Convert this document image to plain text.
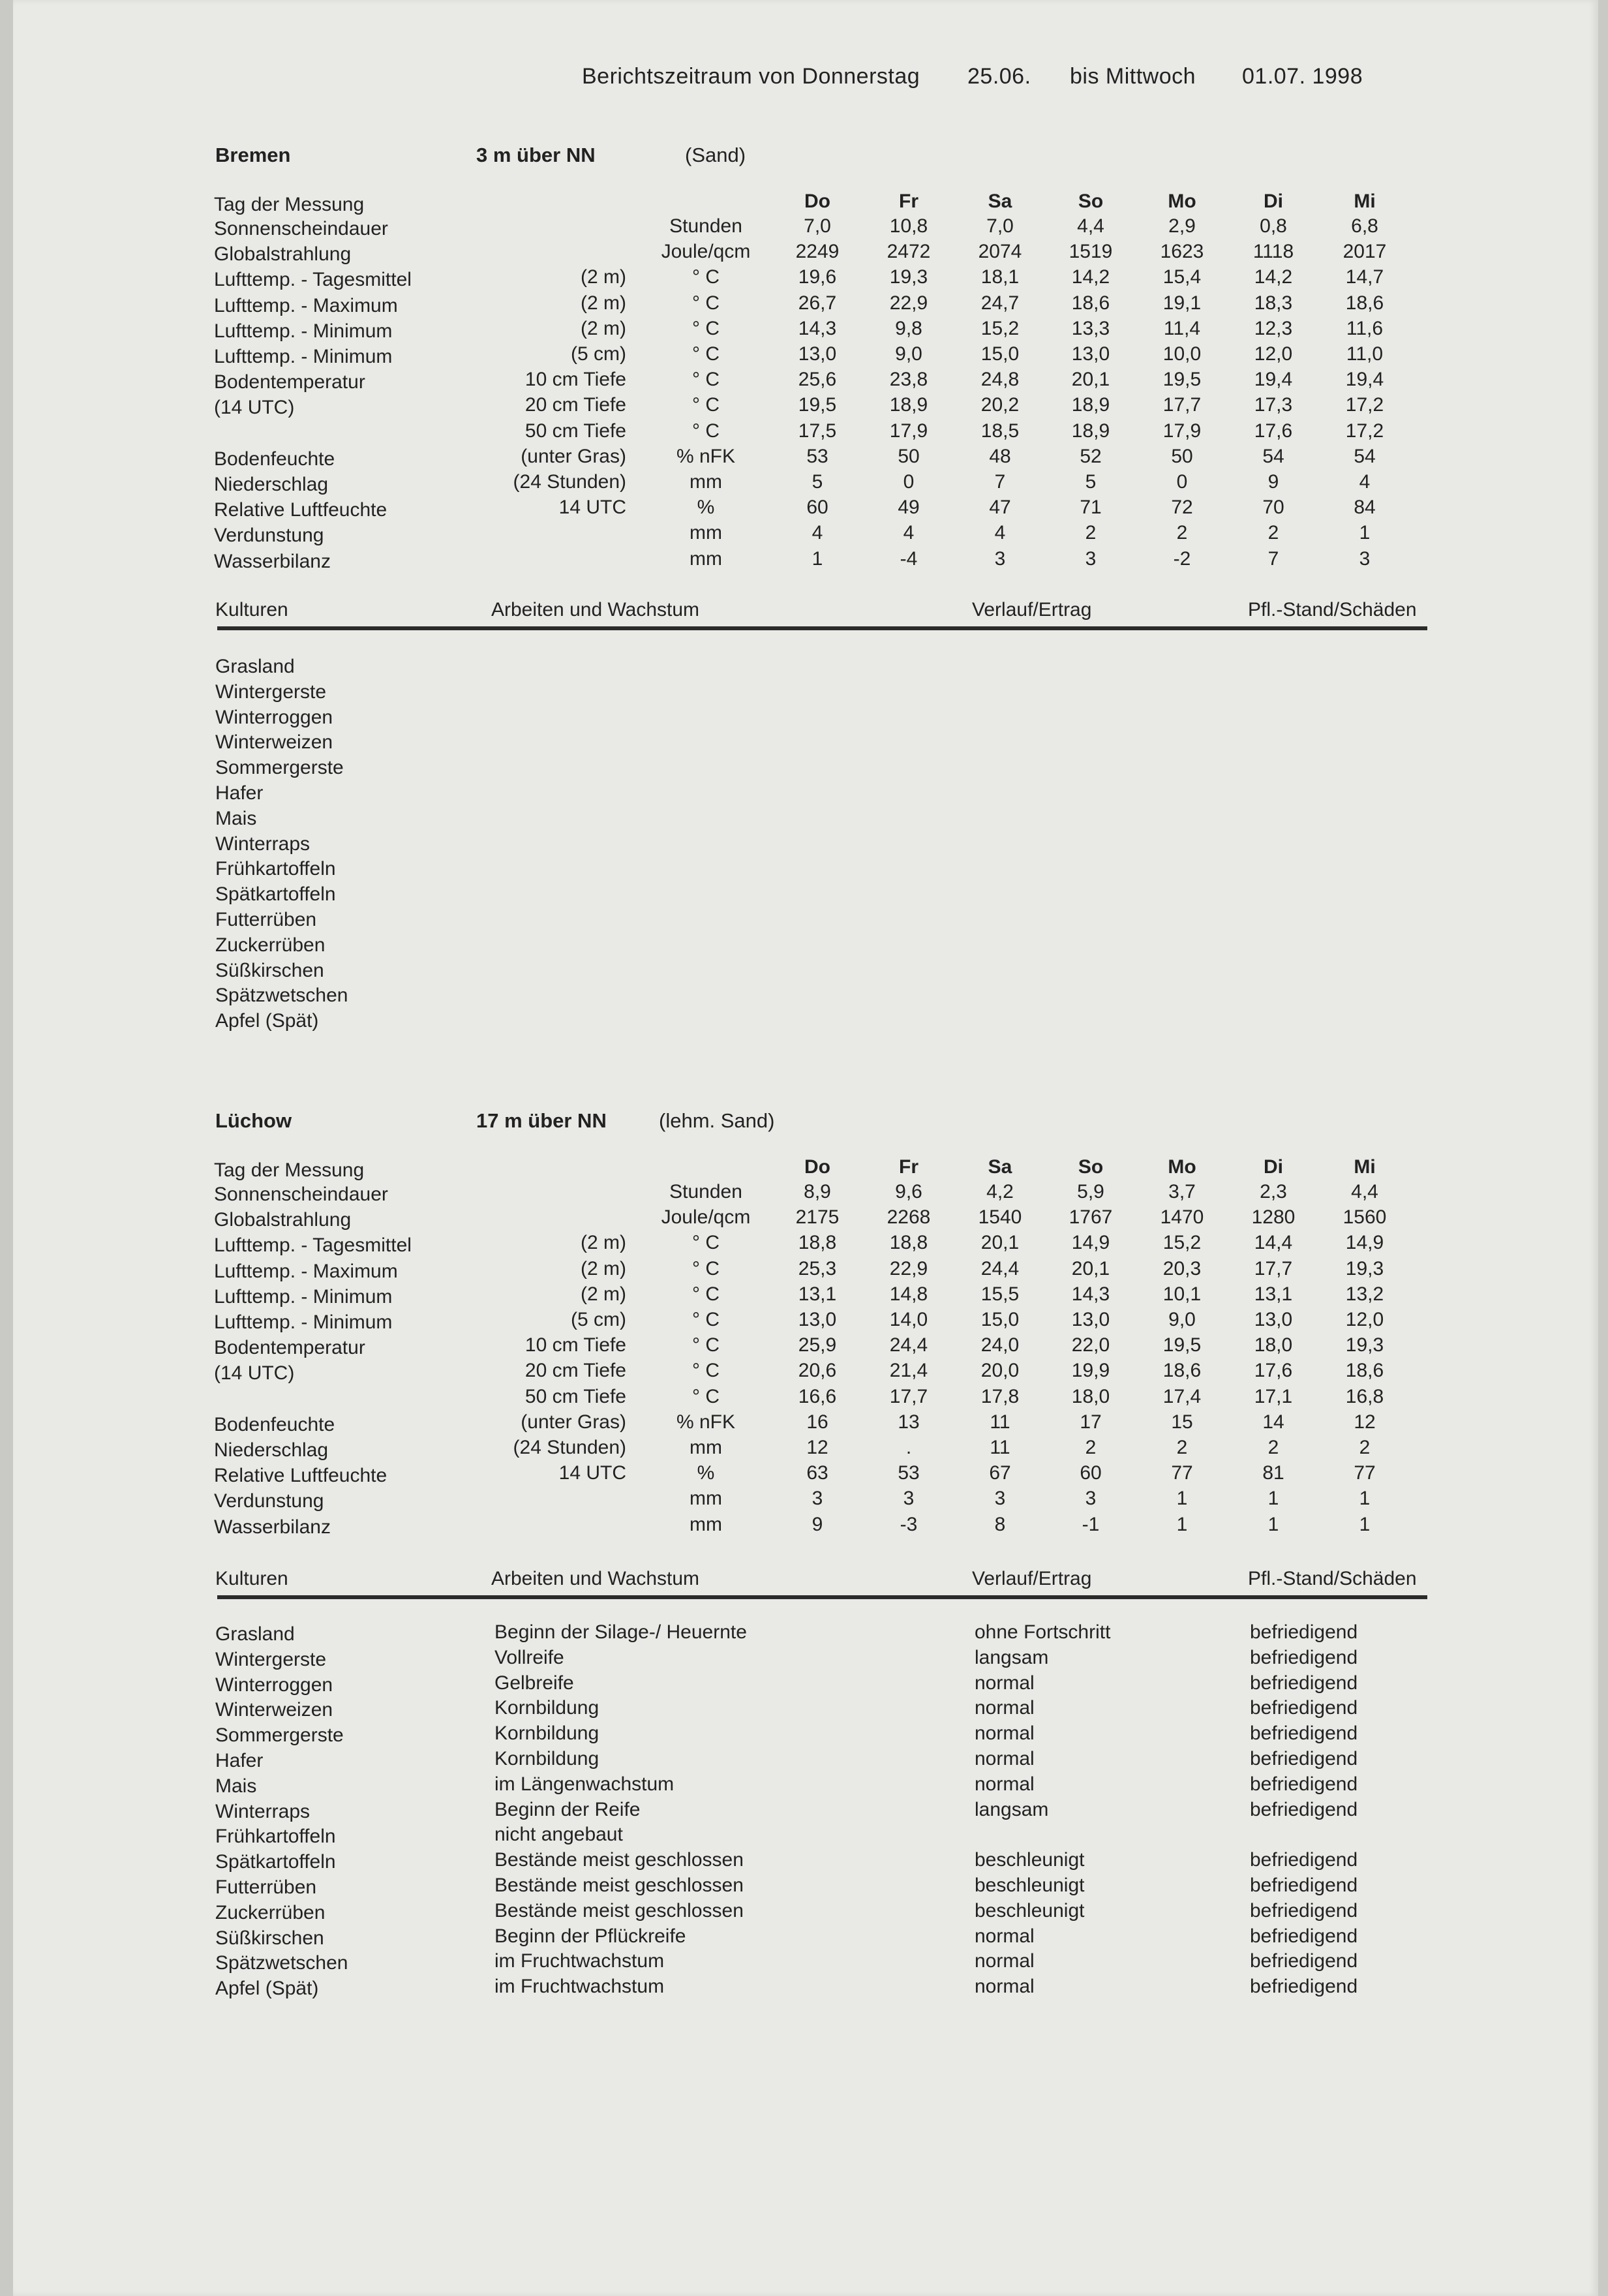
Berichtszeitraum von Donnerstag 25.06. bis Mittwoch 01.07. 1998
Bremen	3 m über NN	(Sand)
Tag der Messung	Do	Fr	Sa	So	Mo	Di	Mi
Sonnenscheindauer	Stunden	7,0	10,8	7,0	4,4	2,9	0,8	6,8
Globalstrahlung	Joule/qcm	2249	2472	2074	1519	1623	1118	2017
Lufttemp. - Tagesmittel	(2 m)	° C	19,6	19,3	18,1	14,2	15,4	14,2	14,7
Lufttemp. - Maximum	(2 m)	° C	26,7	22,9	24,7	18,6	19,1	18,3	18,6
Lufttemp. - Minimum	(2 m)	° C	14,3	9,8	15,2	13,3	11,4	12,3	11,6
Lufttemp. - Minimum	(5 cm)	° C	13,0	9,0	15,0	13,0	10,0	12,0	11,0
Bodentemperatur	10 cm Tiefe	° C	25,6	23,8	24,8	20,1	19,5	19,4	19,4
(14 UTC)	20 cm Tiefe	° C	19,5	18,9	20,2	18,9	17,7	17,3	17,2
50 cm Tiefe	° C	17,5	17,9	18,5	18,9	17,9	17,6	17,2
Bodenfeuchte	(unter Gras)	% nFK	53	50	48	52	50	54	54
Niederschlag	(24 Stunden)	mm	5	0	7	5	0	9	4
Relative Luftfeuchte	14 UTC	%	60	49	47	71	72	70	84
Verdunstung	mm	4	4	4	2	2	2	1
Wasserbilanz	mm	1	-4	3	3	-2	7	3
Kulturen	Arbeiten und Wachstum	Verlauf/Ertrag	Pfl.-Stand/Schäden
Grasland
Wintergerste
Winterroggen
Winterweizen
Sommergerste
Hafer
Mais
Winterraps
Frühkartoffeln
Spätkartoffeln
Futterrüben
Zuckerrüben
Süßkirschen
Spätzwetschen
Apfel (Spät)
Lüchow	17 m über NN	(lehm. Sand)
Tag der Messung	Do	Fr	Sa	So	Mo	Di	Mi
Sonnenscheindauer	Stunden	8,9	9,6	4,2	5,9	3,7	2,3	4,4
Globalstrahlung	Joule/qcm	2175	2268	1540	1767	1470	1280	1560
Lufttemp. - Tagesmittel	(2 m)	° C	18,8	18,8	20,1	14,9	15,2	14,4	14,9
Lufttemp. - Maximum	(2 m)	° C	25,3	22,9	24,4	20,1	20,3	17,7	19,3
Lufttemp. - Minimum	(2 m)	° C	13,1	14,8	15,5	14,3	10,1	13,1	13,2
Lufttemp. - Minimum	(5 cm)	° C	13,0	14,0	15,0	13,0	9,0	13,0	12,0
Bodentemperatur	10 cm Tiefe	° C	25,9	24,4	24,0	22,0	19,5	18,0	19,3
(14 UTC)	20 cm Tiefe	° C	20,6	21,4	20,0	19,9	18,6	17,6	18,6
50 cm Tiefe	° C	16,6	17,7	17,8	18,0	17,4	17,1	16,8
Bodenfeuchte	(unter Gras)	% nFK	16	13	11	17	15	14	12
Niederschlag	(24 Stunden)	mm	12	.	11	2	2	2	2
Relative Luftfeuchte	14 UTC	%	63	53	67	60	77	81	77
Verdunstung	mm	3	3	3	3	1	1	1
Wasserbilanz	mm	9	-3	8	-1	1	1	1
Kulturen	Arbeiten und Wachstum	Verlauf/Ertrag	Pfl.-Stand/Schäden
Grasland	Beginn der Silage-/ Heuernte	ohne Fortschritt	befriedigend
Wintergerste	Vollreife	langsam	befriedigend
Winterroggen	Gelbreife	normal	befriedigend
Winterweizen	Kornbildung	normal	befriedigend
Sommergerste	Kornbildung	normal	befriedigend
Hafer	Kornbildung	normal	befriedigend
Mais	im Längenwachstum	normal	befriedigend
Winterraps	Beginn der Reife	langsam	befriedigend
Frühkartoffeln	nicht angebaut
Spätkartoffeln	Bestände meist geschlossen	beschleunigt	befriedigend
Futterrüben	Bestände meist geschlossen	beschleunigt	befriedigend
Zuckerrüben	Bestände meist geschlossen	beschleunigt	befriedigend
Süßkirschen	Beginn der Pflückreife	normal	befriedigend
Spätzwetschen	im Fruchtwachstum	normal	befriedigend
Apfel (Spät)	im Fruchtwachstum	normal	befriedigend
